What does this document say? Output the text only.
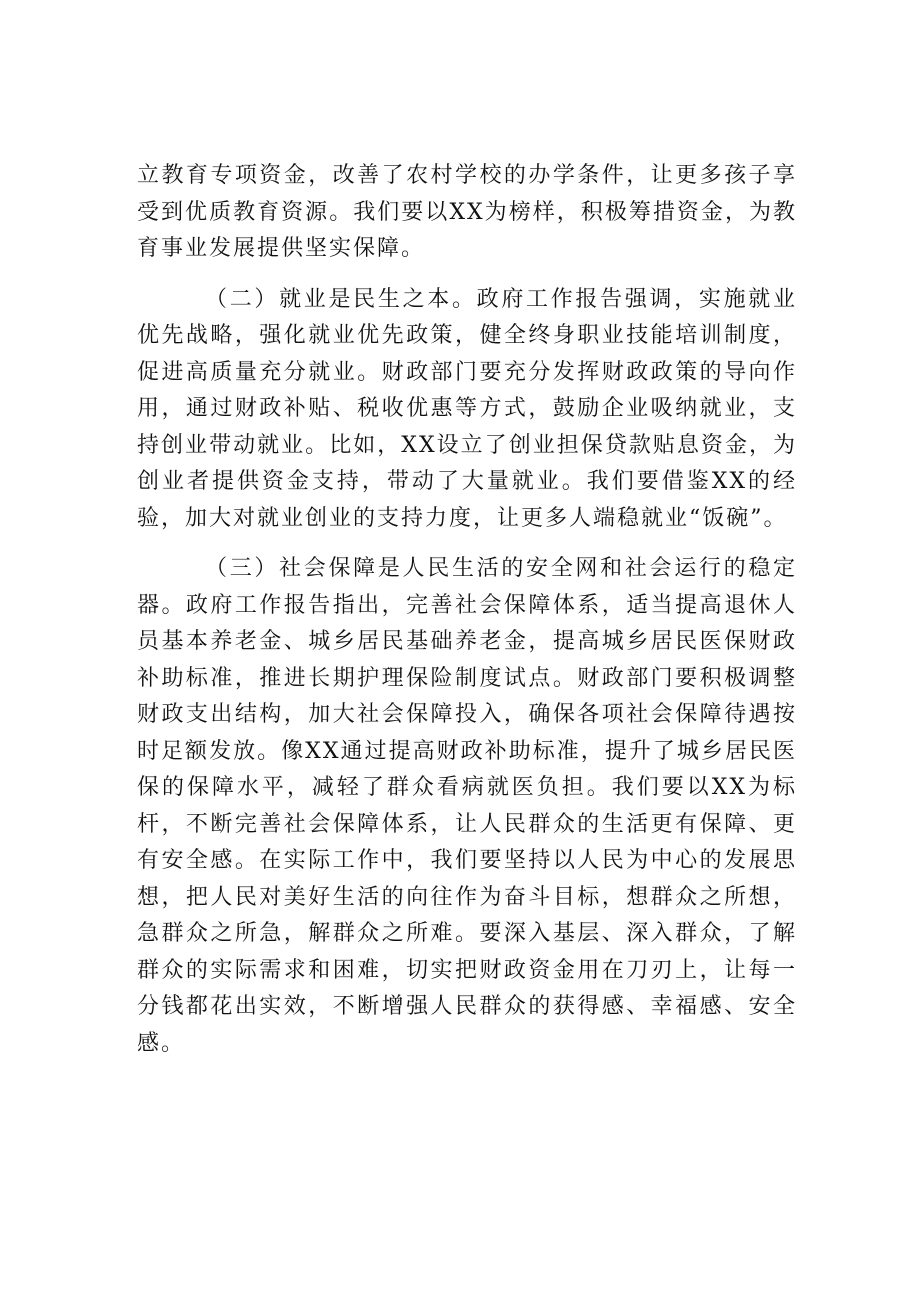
立教育专项资金，改善了农村学校的办学条件，让更多孩子享受到优质教育资源。我们要以XX为榜样，积极筹措资金，为教育事业发展提供坚实保障。

（二）就业是民生之本。政府工作报告强调，实施就业优先战略，强化就业优先政策，健全终身职业技能培训制度，促进高质量充分就业。财政部门要充分发挥财政政策的导向作用，通过财政补贴、税收优惠等方式，鼓励企业吸纳就业，支持创业带动就业。比如，XX设立了创业担保贷款贴息资金，为创业者提供资金支持，带动了大量就业。我们要借鉴XX的经验，加大对就业创业的支持力度，让更多人端稳就业“饭碗”。

（三）社会保障是人民生活的安全网和社会运行的稳定器。政府工作报告指出，完善社会保障体系，适当提高退休人员基本养老金、城乡居民基础养老金，提高城乡居民医保财政补助标准，推进长期护理保险制度试点。财政部门要积极调整财政支出结构，加大社会保障投入，确保各项社会保障待遇按时足额发放。像XX通过提高财政补助标准，提升了城乡居民医保的保障水平，减轻了群众看病就医负担。我们要以XX为标杆，不断完善社会保障体系，让人民群众的生活更有保障、更有安全感。在实际工作中，我们要坚持以人民为中心的发展思想，把人民对美好生活的向往作为奋斗目标，想群众之所想，急群众之所急，解群众之所难。要深入基层、深入群众，了解群众的实际需求和困难，切实把财政资金用在刀刃上，让每一分钱都花出实效，不断增强人民群众的获得感、幸福感、安全感。
